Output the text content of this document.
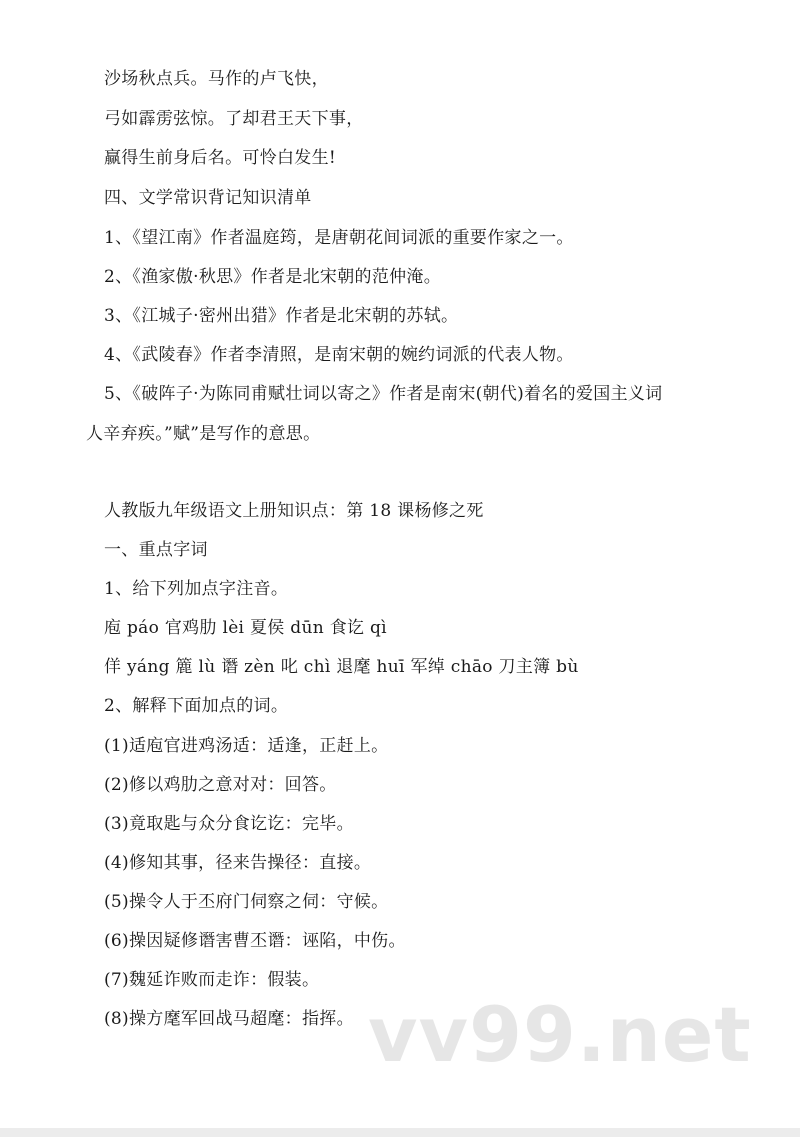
沙场秋点兵。马作的卢飞快，
弓如霹雳弦惊。了却君王天下事，
赢得生前身后名。可怜白发生!
四、文学常识背记知识清单
1、《望江南》作者温庭筠，是唐朝花间词派的重要作家之一。
2、《渔家傲·秋思》作者是北宋朝的范仲淹。
3、《江城子·密州出猎》作者是北宋朝的苏轼。
4、《武陵春》作者李清照，是南宋朝的婉约词派的代表人物。
5、《破阵子·为陈同甫赋壮词以寄之》作者是南宋(朝代)着名的爱国主义词
人辛弃疾。”赋”是写作的意思。
人教版九年级语文上册知识点：第 18 课杨修之死
一、重点字词
1、给下列加点字注音。
庖 páo 官鸡肋 lèi 夏侯 dūn 食讫 qì
佯 yáng 簏 lù 谮 zèn 叱 chì 退麾 huī 军绰 chāo 刀主簿 bù
2、解释下面加点的词。
(1)适庖官进鸡汤适：适逢，正赶上。
(2)修以鸡肋之意对对：回答。
(3)竟取匙与众分食讫讫：完毕。
(4)修知其事，径来告操径：直接。
(5)操令人于丕府门伺察之伺：守候。
(6)操因疑修谮害曹丕谮：诬陷，中伤。
(7)魏延诈败而走诈：假装。
(8)操方麾军回战马超麾：指挥。 vv99.net
